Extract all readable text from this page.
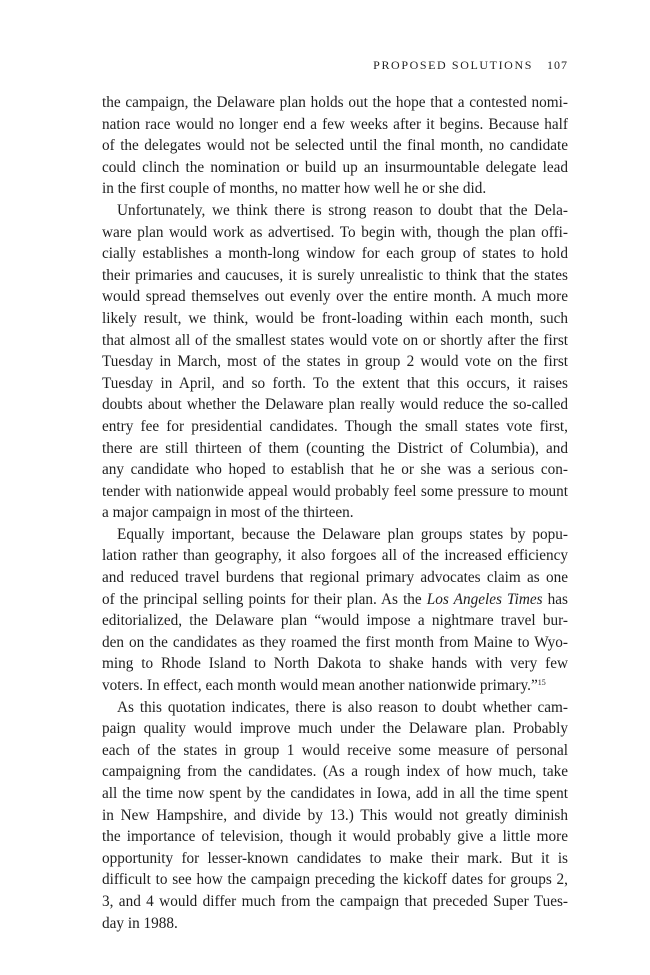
PROPOSED SOLUTIONS 107
the campaign, the Delaware plan holds out the hope that a contested nomi-
nation race would no longer end a few weeks after it begins. Because half
of the delegates would not be selected until the final month, no candidate
could clinch the nomination or build up an insurmountable delegate lead
in the first couple of months, no matter how well he or she did.
Unfortunately, we think there is strong reason to doubt that the Dela-
ware plan would work as advertised. To begin with, though the plan offi-
cially establishes a month-long window for each group of states to hold
their primaries and caucuses, it is surely unrealistic to think that the states
would spread themselves out evenly over the entire month. A much more
likely result, we think, would be front-loading within each month, such
that almost all of the smallest states would vote on or shortly after the first
Tuesday in March, most of the states in group 2 would vote on the first
Tuesday in April, and so forth. To the extent that this occurs, it raises
doubts about whether the Delaware plan really would reduce the so-called
entry fee for presidential candidates. Though the small states vote first,
there are still thirteen of them (counting the District of Columbia), and
any candidate who hoped to establish that he or she was a serious con-
tender with nationwide appeal would probably feel some pressure to mount
a major campaign in most of the thirteen.
Equally important, because the Delaware plan groups states by popu-
lation rather than geography, it also forgoes all of the increased efficiency
and reduced travel burdens that regional primary advocates claim as one
of the principal selling points for their plan. As the Los Angeles Times has
editorialized, the Delaware plan “would impose a nightmare travel bur-
den on the candidates as they roamed the first month from Maine to Wyo-
ming to Rhode Island to North Dakota to shake hands with very few
voters. In effect, each month would mean another nationwide primary.”$^{15}$
As this quotation indicates, there is also reason to doubt whether cam-
paign quality would improve much under the Delaware plan. Probably
each of the states in group 1 would receive some measure of personal
campaigning from the candidates. (As a rough index of how much, take
all the time now spent by the candidates in Iowa, add in all the time spent
in New Hampshire, and divide by 13.) This would not greatly diminish
the importance of television, though it would probably give a little more
opportunity for lesser-known candidates to make their mark. But it is
difficult to see how the campaign preceding the kickoff dates for groups 2,
3, and 4 would differ much from the campaign that preceded Super Tues-
day in 1988.
